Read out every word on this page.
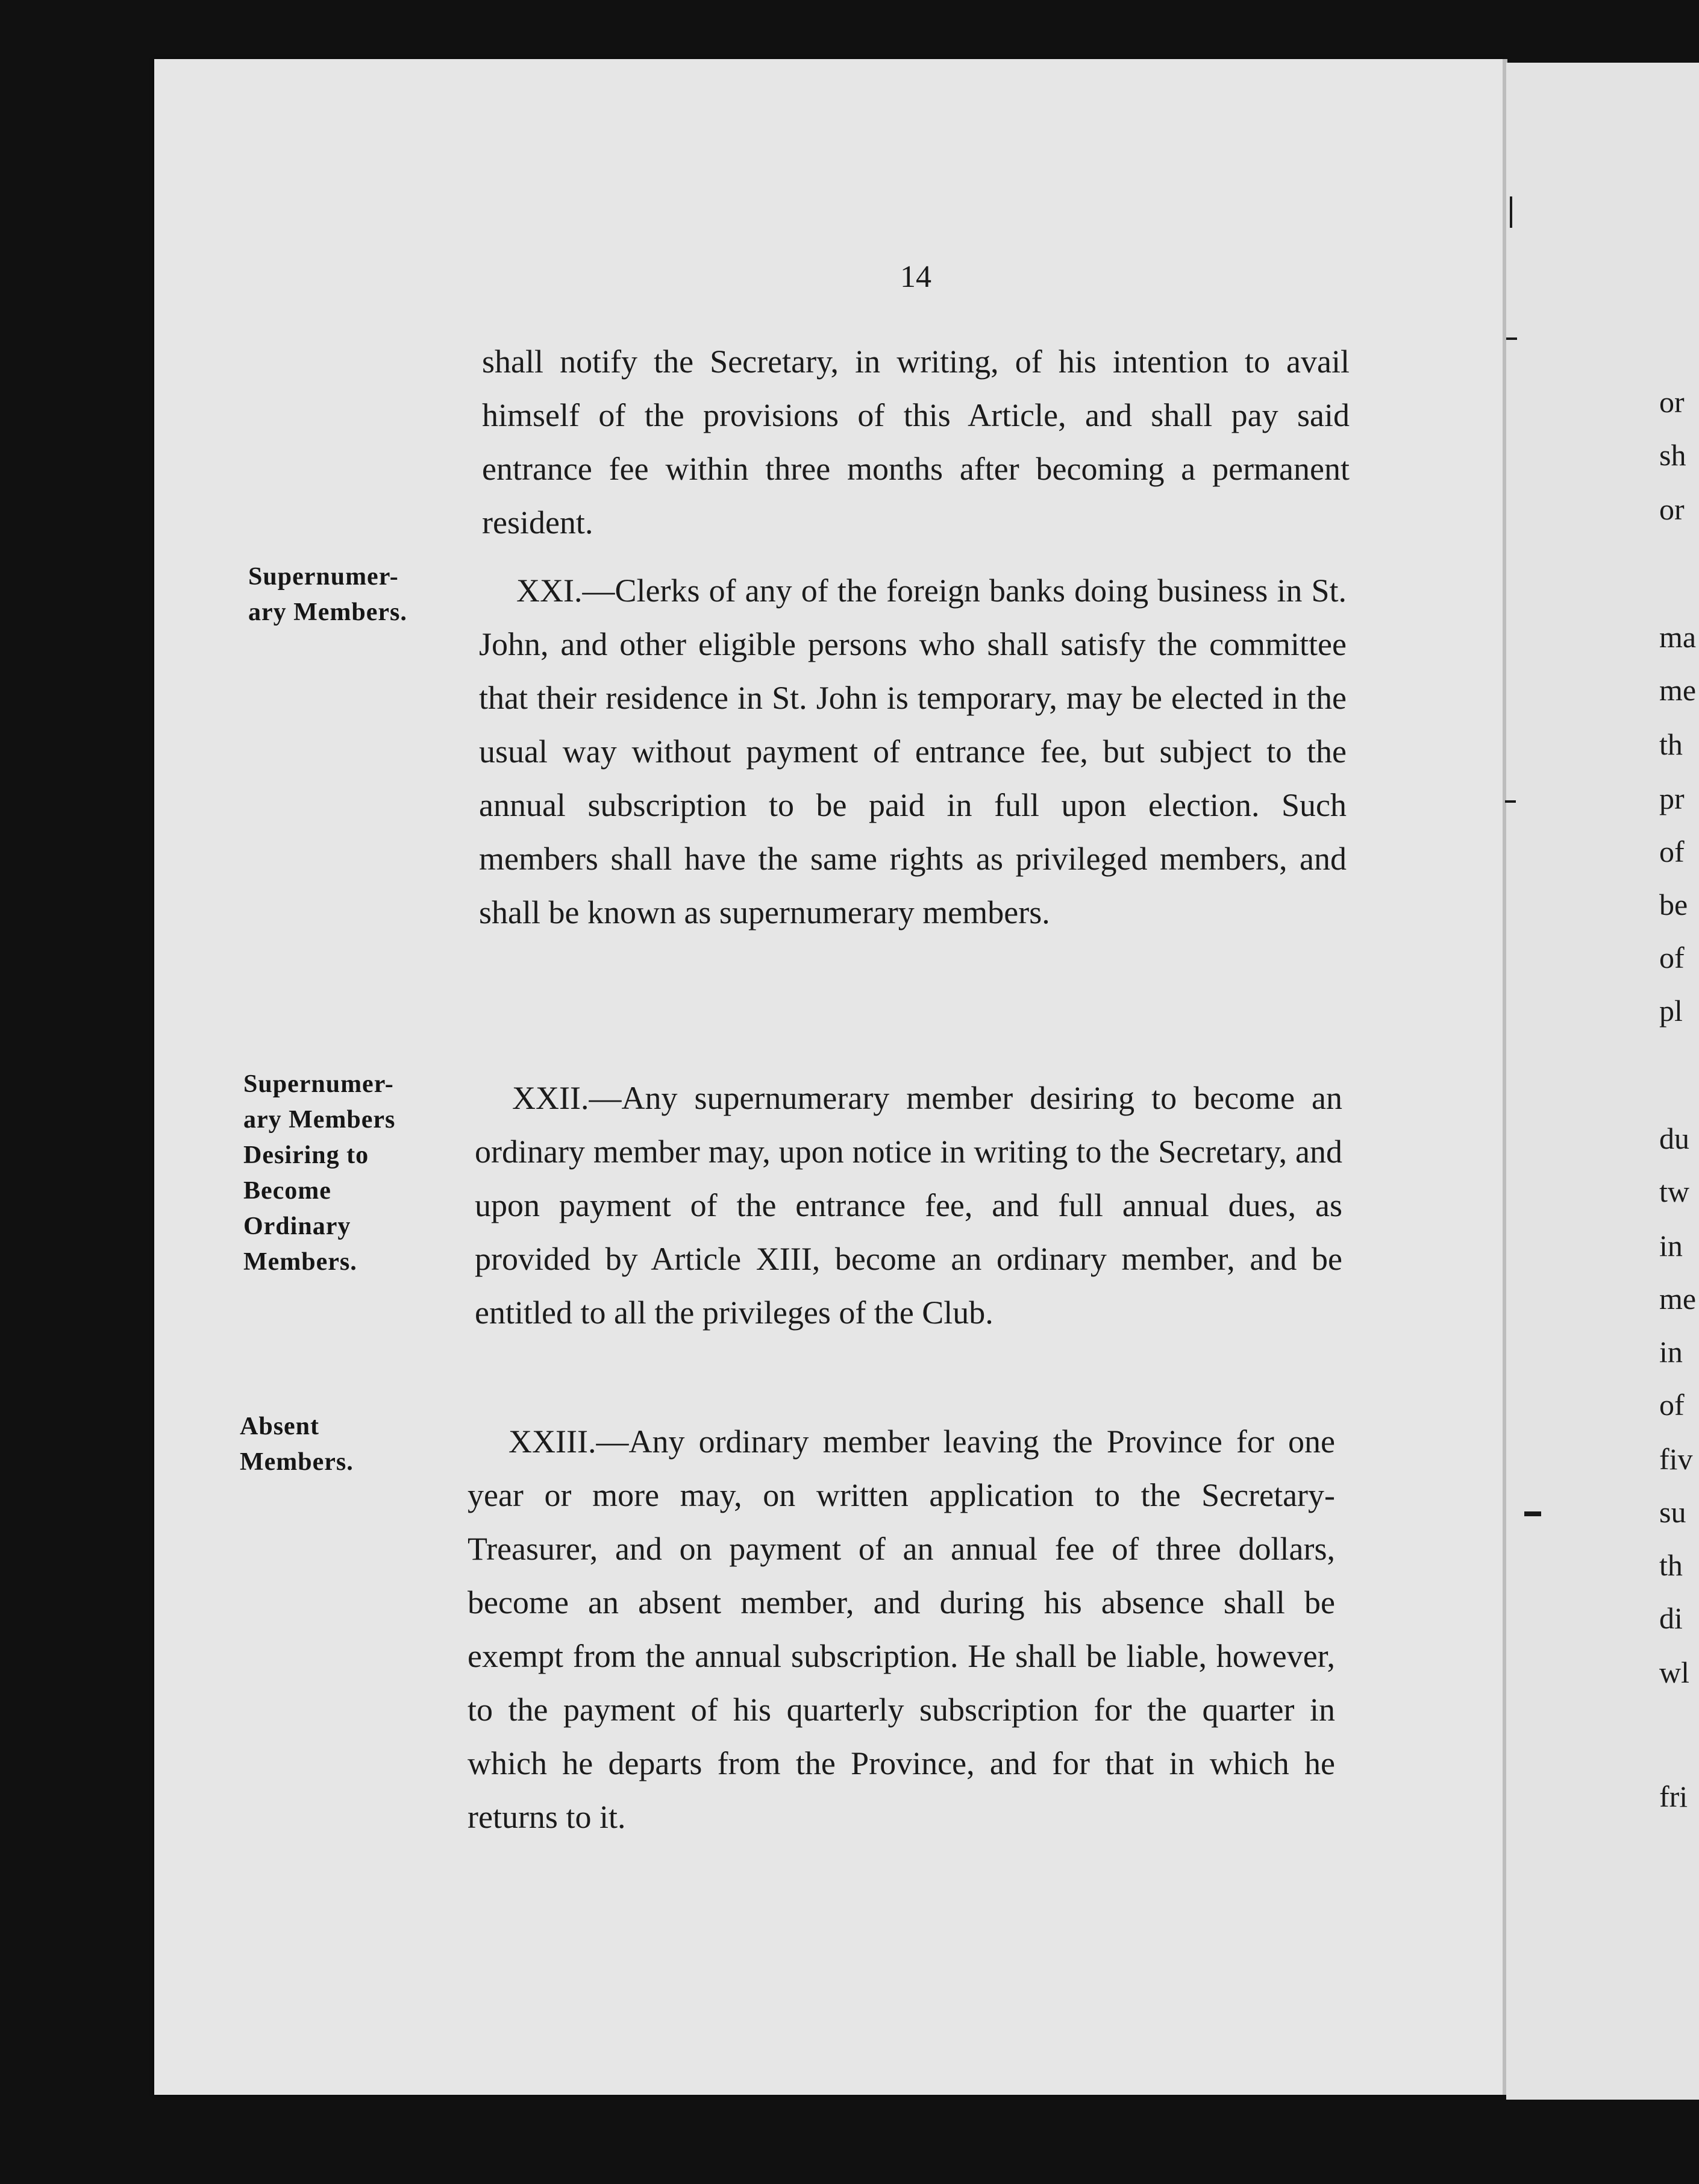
14
shall notify the Secretary, in writing, of his intention to avail himself of the provisions of this Article, and shall pay said entrance fee within three months after becoming a permanent resident.
Supernumer-
ary Members.
XXI.—Clerks of any of the foreign banks doing business in St. John, and other eligible persons who shall satisfy the committee that their residence in St. John is temporary, may be elected in the usual way without payment of entrance fee, but subject to the annual subscription to be paid in full upon election. Such members shall have the same rights as privileged members, and shall be known as supernumerary members.
Supernumer-
ary Members
Desiring to
Become
Ordinary
Members.
XXII.—Any supernumerary member desiring to become an ordinary member may, upon notice in writing to the Secretary, and upon payment of the entrance fee, and full annual dues, as provided by Article XIII, become an ordinary member, and be entitled to all the privileges of the Club.
Absent
Members.
XXIII.—Any ordinary member leaving the Province for one year or more may, on written application to the Secretary-Treasurer, and on payment of an annual fee of three dollars, become an absent member, and during his absence shall be exempt from the annual subscription. He shall be liable, however, to the payment of his quarterly subscription for the quarter in which he departs from the Province, and for that in which he returns to it.
or
sh
or
ma
me
th
pr
of
be
of
pl
du
tw
in
me
in
of
fiv
su
th
di
wl
fri
